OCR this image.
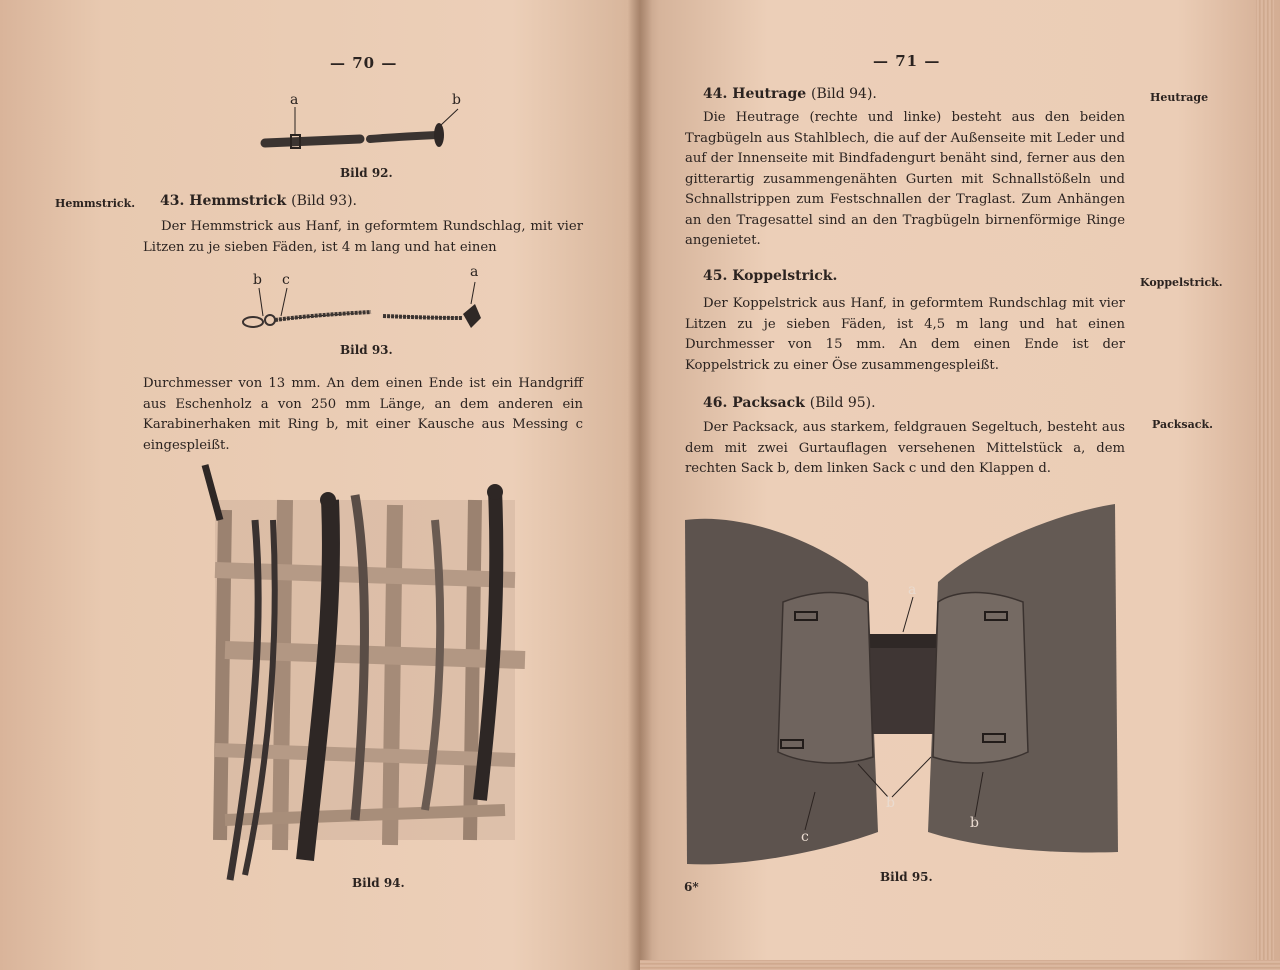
— 70 —
a	b
Bild 92.
Hemmstrick. 43. Hemmstrick (Bild 93).
Der Hemmstrick aus Hanf, in geformtem Rundschlag, mit vier Litzen zu je sieben Fäden, ist 4 m lang und hat einen
b c	a
Bild 93.
Durchmesser von 13 mm. An dem einen Ende ist ein Handgriff aus Eschenholz a von 250 mm Länge, an dem anderen ein Karabinerhaken mit Ring b, mit einer Kausche aus Messing c eingespleißt.
Bild 94.
— 71 —
44. Heutrage (Bild 94).	Heutrage
Die Heutrage (rechte und linke) besteht aus den beiden Tragbügeln aus Stahlblech, die auf der Außenseite mit Leder und auf der Innenseite mit Bindfadengurt benäht sind, ferner aus den gitterartig zusammengenähten Gurten mit Schnallstößeln und Schnallstrippen zum Festschnallen der Traglast. Zum Anhängen an den Tragesattel sind an den Tragbügeln birnenförmige Ringe angenietet.
45. Koppelstrick.	Koppelstrick.
Der Koppelstrick aus Hanf, in geformtem Rundschlag mit vier Litzen zu je sieben Fäden, ist 4,5 m lang und hat einen Durchmesser von 15 mm. An dem einen Ende ist der Koppelstrick zu einer Öse zusammengespleißt.
46. Packsack (Bild 95).
Packsack.
Der Packsack, aus starkem, feldgrauen Segeltuch, besteht aus dem mit zwei Gurtauflagen versehenen Mittelstück a, dem rechten Sack b, dem linken Sack c und den Klappen d.
a
b
b
c
Bild 95.
6*
